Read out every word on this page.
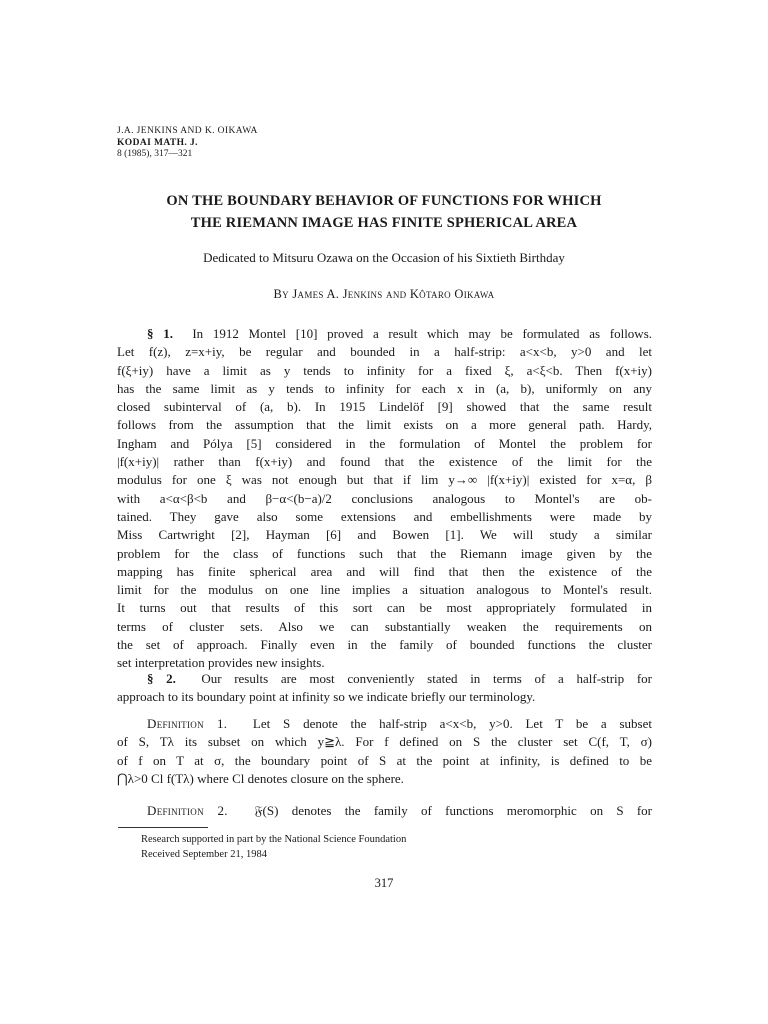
J.A. JENKINS AND K. OIKAWA
KODAI MATH. J.
8 (1985), 317—321
ON THE BOUNDARY BEHAVIOR OF FUNCTIONS FOR WHICH
THE RIEMANN IMAGE HAS FINITE SPHERICAL AREA
Dedicated to Mitsuru Ozawa on the Occasion of his Sixtieth Birthday
By James A. Jenkins and Kôtaro Oikawa
§ 1. In 1912 Montel [10] proved a result which may be formulated as follows.
Let f(z), z=x+iy, be regular and bounded in a half-strip: a<x<b, y>0 and let
f(ξ+iy) have a limit as y tends to infinity for a fixed ξ, a<ξ<b. Then f(x+iy)
has the same limit as y tends to infinity for each x in (a, b), uniformly on any
closed subinterval of (a, b). In 1915 Lindelöf [9] showed that the same result
follows from the assumption that the limit exists on a more general path. Hardy,
Ingham and Pólya [5] considered in the formulation of Montel the problem for
|f(x+iy)| rather than f(x+iy) and found that the existence of the limit for the
modulus for one ξ was not enough but that if lim y→∞ |f(x+iy)| existed for x=α, β
with a<α<β<b and β−α<(b−a)/2 conclusions analogous to Montel's are ob-
tained. They gave also some extensions and embellishments were made by
Miss Cartwright [2], Hayman [6] and Bowen [1]. We will study a similar
problem for the class of functions such that the Riemann image given by the
mapping has finite spherical area and will find that then the existence of the
limit for the modulus on one line implies a situation analogous to Montel's result.
It turns out that results of this sort can be most appropriately formulated in
terms of cluster sets. Also we can substantially weaken the requirements on
the set of approach. Finally even in the family of bounded functions the cluster
set interpretation provides new insights.
§ 2. Our results are most conveniently stated in terms of a half-strip for
approach to its boundary point at infinity so we indicate briefly our terminology.
Definition 1. Let S denote the half-strip a<x<b, y>0. Let T be a subset
of S, Tλ its subset on which y≧λ. For f defined on S the cluster set C(f, T, σ)
of f on T at σ, the boundary point of S at the point at infinity, is defined to be
⋂λ>0 Cl f(Tλ) where Cl denotes closure on the sphere.
Definition 2. 𝔉(S) denotes the family of functions meromorphic on S for
Research supported in part by the National Science Foundation
Received September 21, 1984
317
